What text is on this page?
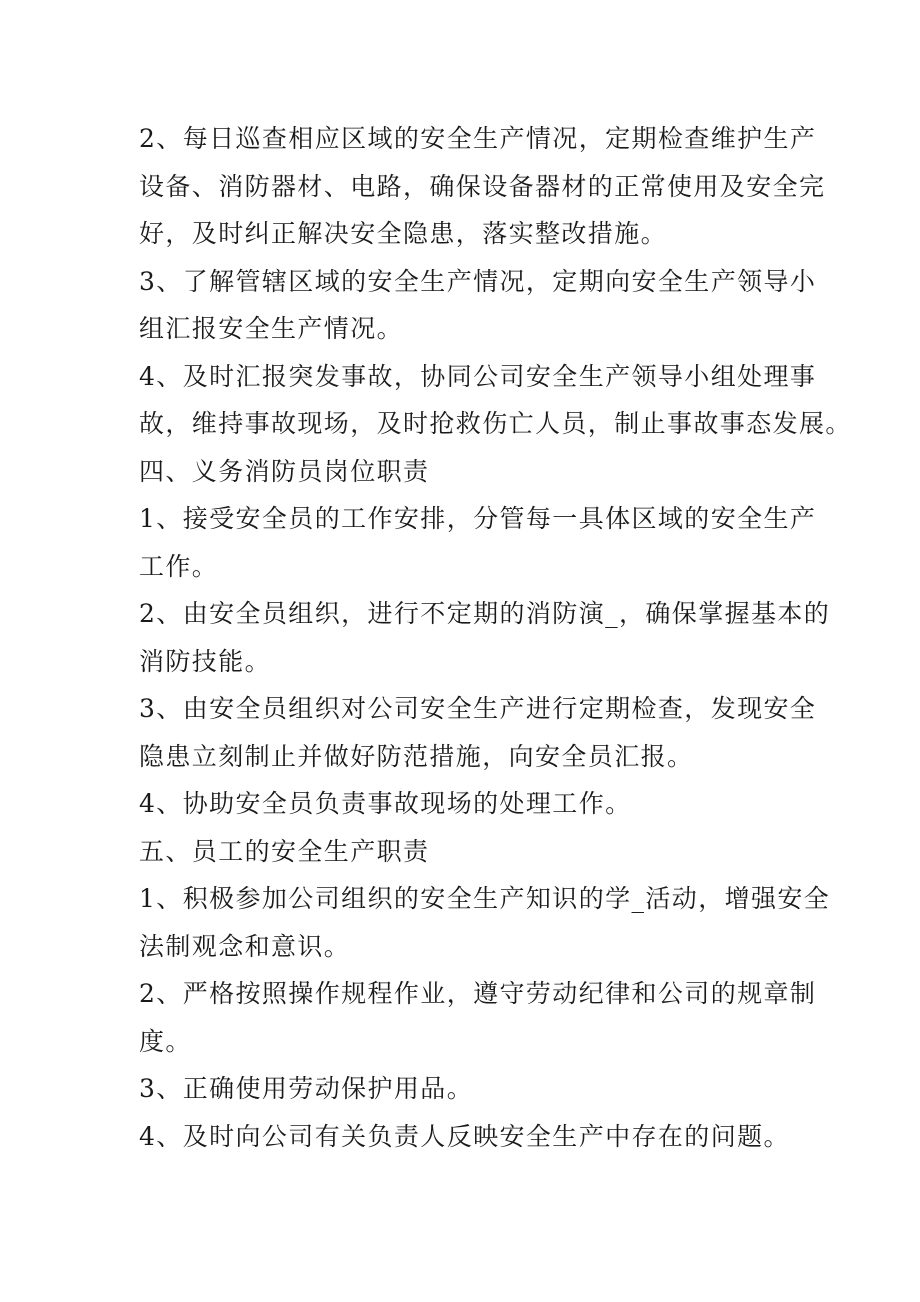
2、每日巡查相应区域的安全生产情况，定期检查维护生产
设备、消防器材、电路，确保设备器材的正常使用及安全完
好，及时纠正解决安全隐患，落实整改措施。
3、了解管辖区域的安全生产情况，定期向安全生产领导小
组汇报安全生产情况。
4、及时汇报突发事故，协同公司安全生产领导小组处理事
故，维持事故现场，及时抢救伤亡人员，制止事故事态发展。
四、义务消防员岗位职责
1、接受安全员的工作安排，分管每一具体区域的安全生产
工作。
2、由安全员组织，进行不定期的消防演_，确保掌握基本的
消防技能。
3、由安全员组织对公司安全生产进行定期检查，发现安全
隐患立刻制止并做好防范措施，向安全员汇报。
4、协助安全员负责事故现场的处理工作。
五、员工的安全生产职责
1、积极参加公司组织的安全生产知识的学_活动，增强安全
法制观念和意识。
2、严格按照操作规程作业，遵守劳动纪律和公司的规章制
度。
3、正确使用劳动保护用品。
4、及时向公司有关负责人反映安全生产中存在的问题。
